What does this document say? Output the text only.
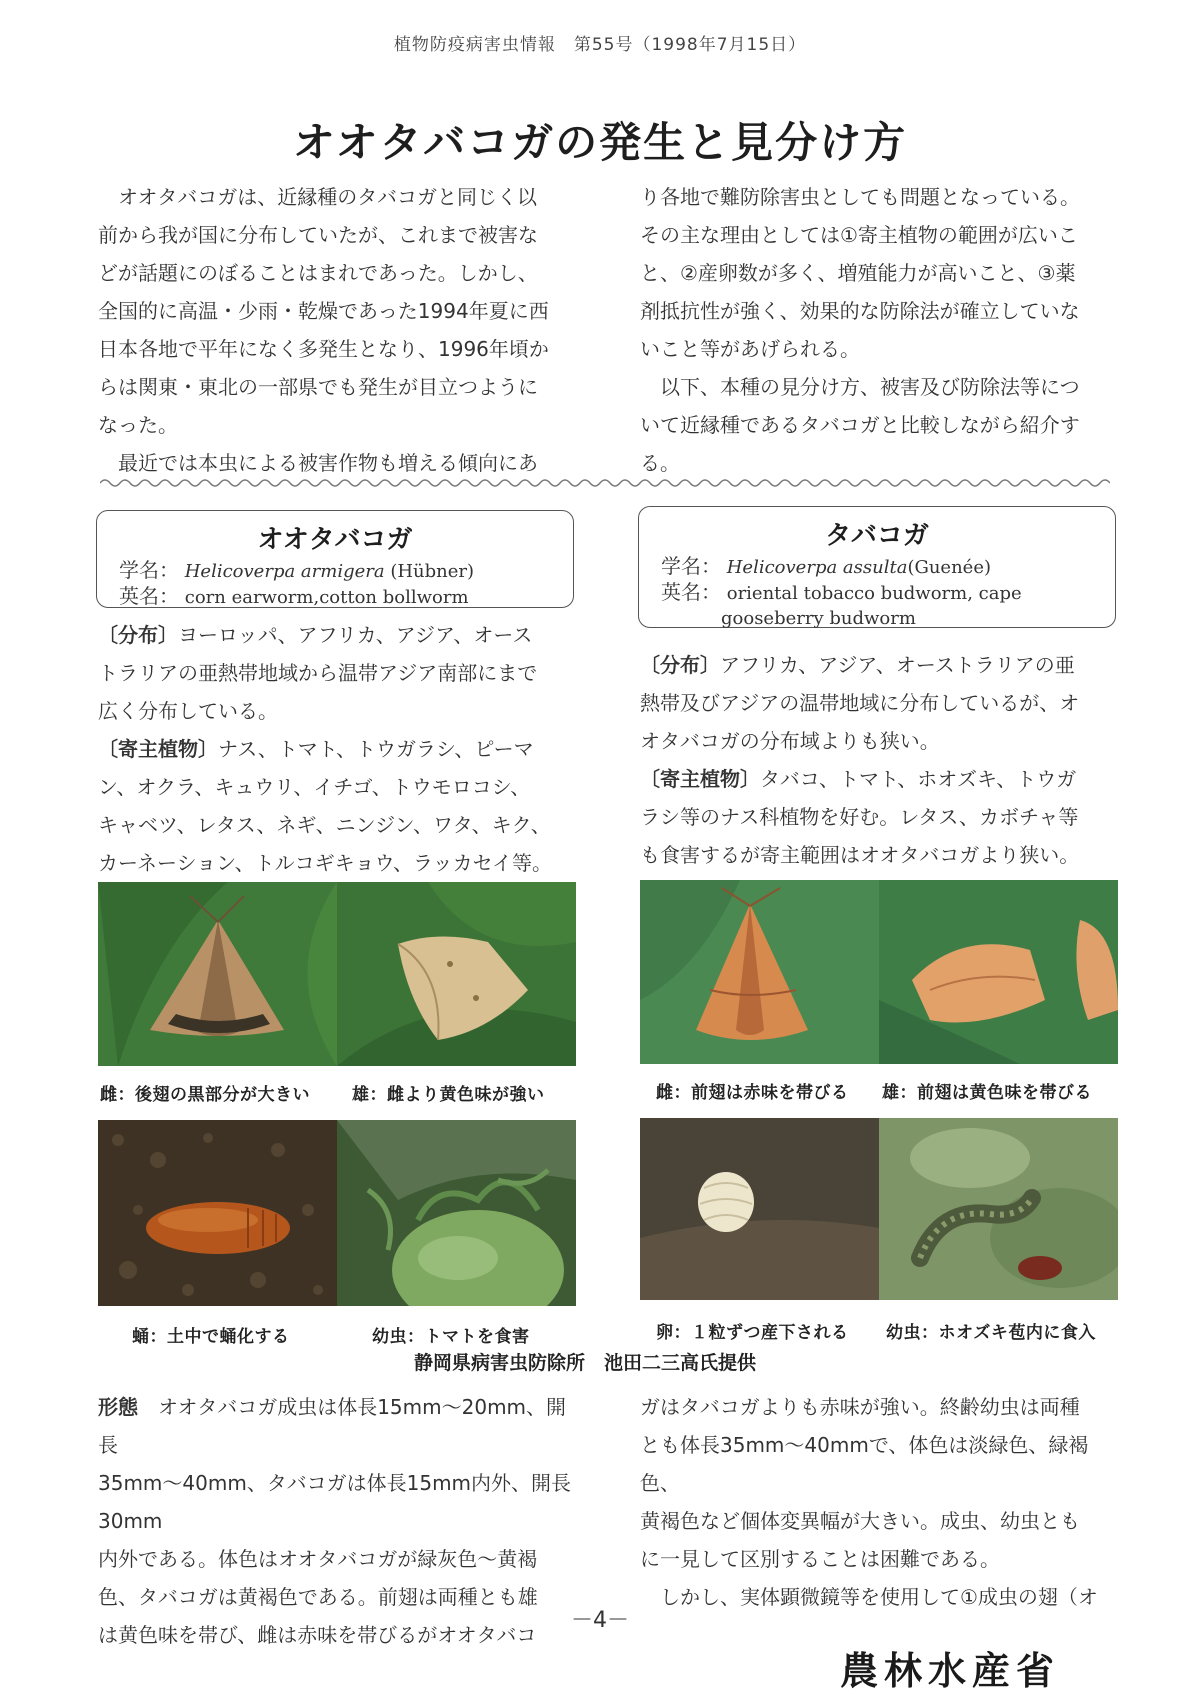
植物防疫病害虫情報　第55号（1998年7月15日）
オオタバコガの発生と見分け方

オオタバコガは、近縁種のタバコガと同じく以

前から我が国に分布していたが、これまで被害な

どが話題にのぼることはまれであった。しかし、

全国的に高温・少雨・乾燥であった1994年夏に西

日本各地で平年になく多発生となり、1996年頃か

らは関東・東北の一部県でも発生が目立つように

なった。

最近では本虫による被害作物も増える傾向にあ

り各地で難防除害虫としても問題となっている。

その主な理由としては①寄主植物の範囲が広いこ

と、②産卵数が多く、増殖能力が高いこと、③薬

剤抵抗性が強く、効果的な防除法が確立していな

いこと等があげられる。

以下、本種の見分け方、被害及び防除法等につ

いて近縁種であるタバコガと比較しながら紹介す

る。

オオタバコガ
学名： Helicoverpa armigera (Hübner)
英名： corn earworm,cotton bollworm
タバコガ
学名： Helicoverpa assulta(Guenée)
英名： oriental tobacco budworm, cape
gooseberry budworm

〔分布〕ヨーロッパ、アフリカ、アジア、オース

トラリアの亜熱帯地域から温帯アジア南部にまで

広く分布している。

〔寄主植物〕ナス、トマト、トウガラシ、ピーマ

ン、オクラ、キュウリ、イチゴ、トウモロコシ、

キャベツ、レタス、ネギ、ニンジン、ワタ、キク、

カーネーション、トルコギキョウ、ラッカセイ等。

〔分布〕アフリカ、アジア、オーストラリアの亜

熱帯及びアジアの温帯地域に分布しているが、オ

オタバコガの分布域よりも狭い。

〔寄主植物〕タバコ、トマト、ホオズキ、トウガ

ラシ等のナス科植物を好む。レタス、カボチャ等

も食害するが寄主範囲はオオタバコガより狭い。

雌：後翅の黒部分が大きい 雄：雌より黄色味が強い
蛹：土中で蛹化する	幼虫：トマトを食害
雌：前翅は赤味を帯びる 雄：前翅は黄色味を帯びる
卵：１粒ずつ産下される 幼虫：ホオズキ苞内に食入
静岡県病害虫防除所　池田二三高氏提供

形態　 オオタバコガ成虫は体長15mm～20mm、開長

35mm～40mm、タバコガは体長15mm内外、開長30mm

内外である。体色はオオタバコガが緑灰色～黄褐

色、タバコガは黄褐色である。前翅は両種とも雄

は黄色味を帯び、雌は赤味を帯びるがオオタバコ

ガはタバコガよりも赤味が強い。終齢幼虫は両種

とも体長35mm～40mmで、体色は淡緑色、緑褐色、

黄褐色など個体変異幅が大きい。成虫、幼虫とも

に一見して区別することは困難である。

しかし、実体顕微鏡等を使用して①成虫の翅（オ

－4－
農林水産省
